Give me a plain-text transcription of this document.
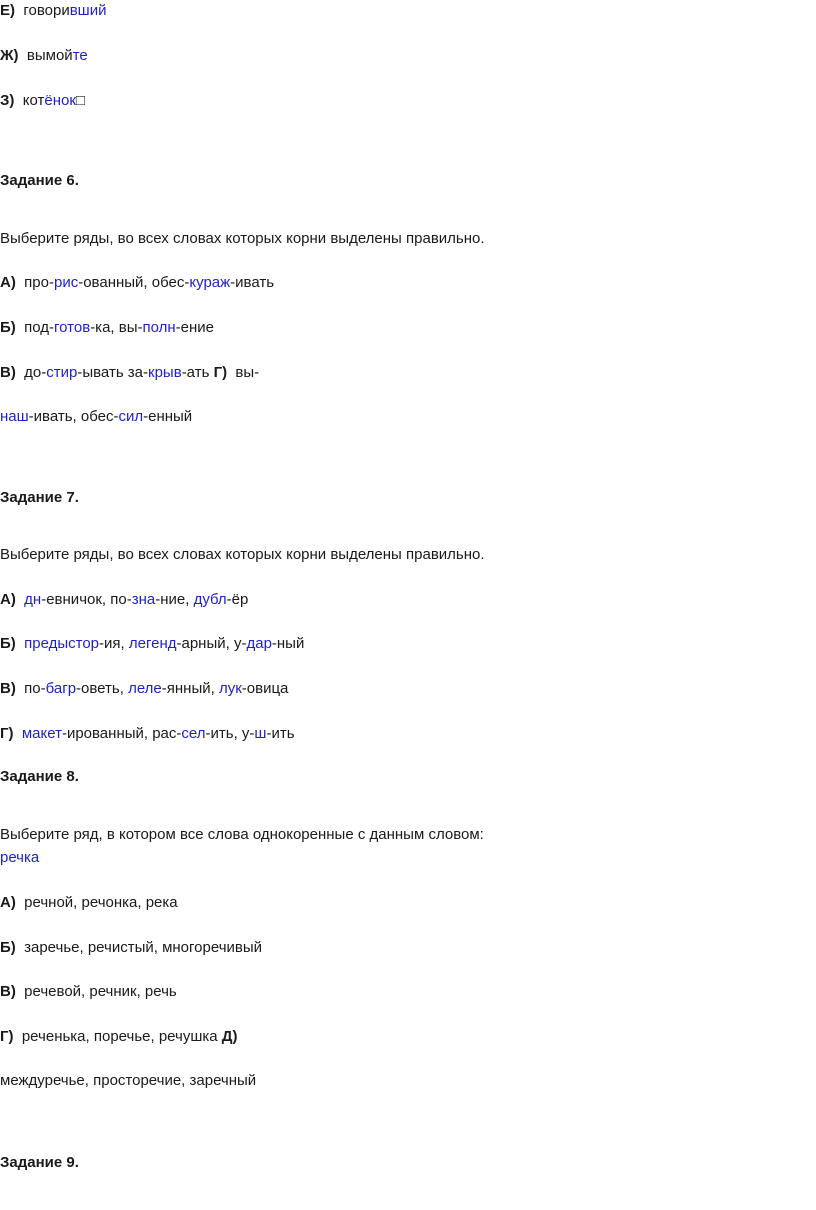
Е) говоривший
Ж) вымойте
З) котёнок□
Задание 6.
Выберите ряды, во всех словах которых корни выделены правильно.
А) про-рис-ованный, обес-кураж-ивать
Б) под-готов-ка, вы-полн-ение
В) до-стир-ывать за-крыв-ать Г) вы-
наш-ивать, обес-сил-енный
Задание 7.
Выберите ряды, во всех словах которых корни выделены правильно.
А) дн-евничок, по-зна-ние, дубл-ёр
Б) предыстор-ия, легенд-арный, у-дар-ный
В) по-багр-оветь, леле-янный, лук-овица
Г) макет-ированный, рас-сел-ить, у-ш-ить
Задание 8.
Выберите ряд, в котором все слова однокоренные с данным словом:
речка
А) речной, речонка, река
Б) заречье, речистый, многоречивый
В) речевой, речник, речь
Г) реченька, поречье, речушка Д)
междуречье, просторечие, заречный
Задание 9.
